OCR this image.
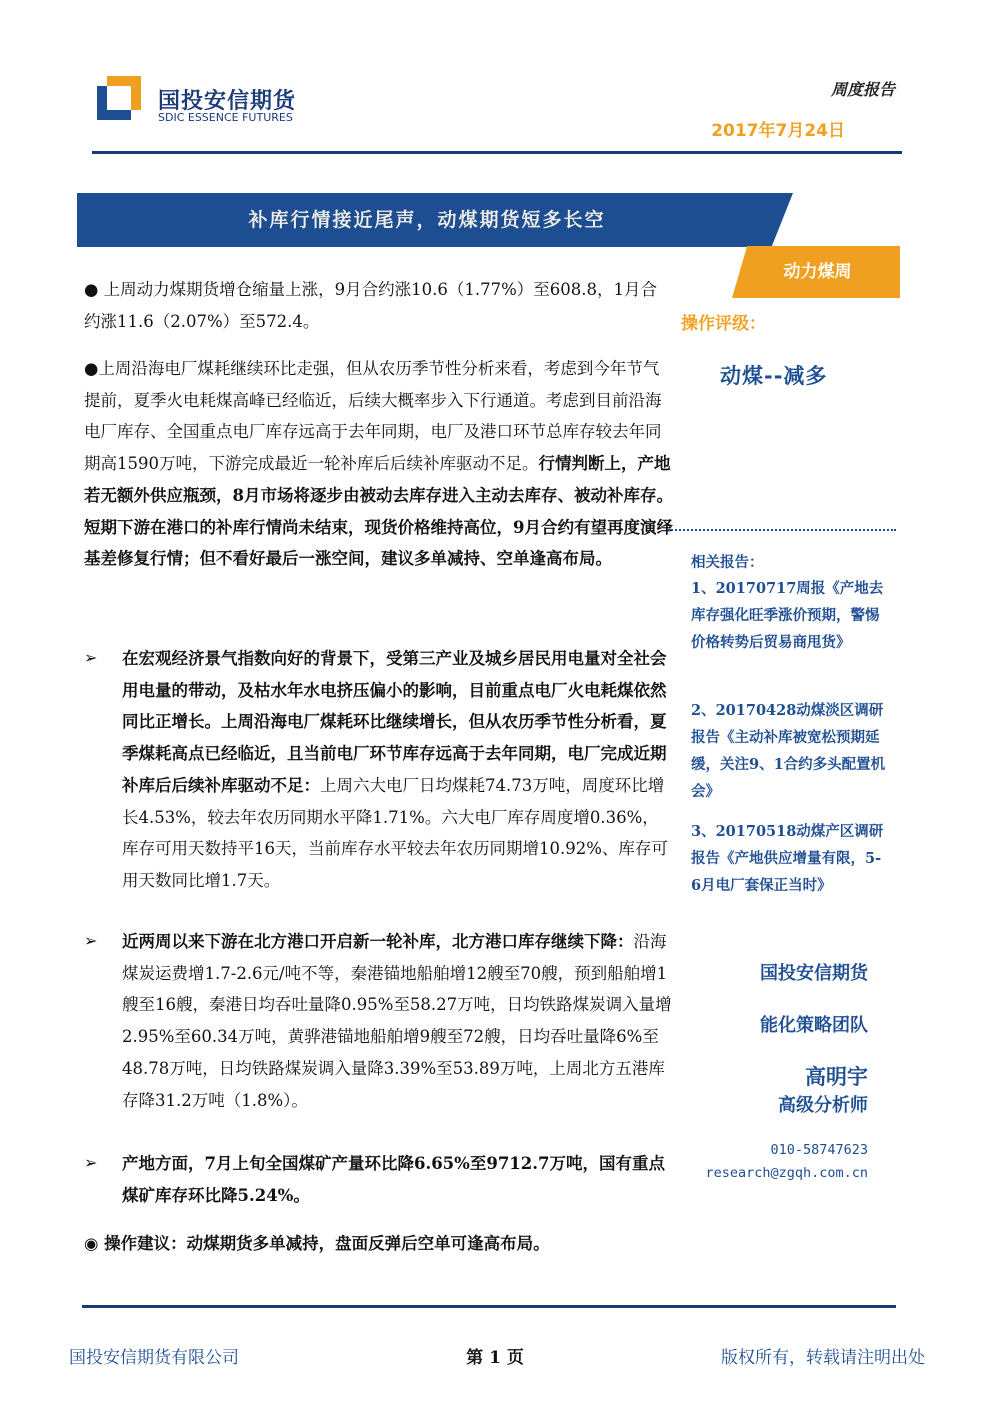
国投安信期货
SDIC ESSENCE FUTURES
周度报告
2017年7月24日
补库行情接近尾声，动煤期货短多长空
动力煤周
操作评级：
动煤--减多
● 上周动力煤期货增仓缩量上涨，9月合约涨10.6（1.77%）至608.8，1月合约涨11.6（2.07%）至572.4。
●上周沿海电厂煤耗继续环比走强，但从农历季节性分析来看，考虑到今年节气提前，夏季火电耗煤高峰已经临近，后续大概率步入下行通道。考虑到目前沿海电厂库存、全国重点电厂库存远高于去年同期，电厂及港口环节总库存较去年同期高1590万吨，下游完成最近一轮补库后后续补库驱动不足。行情判断上，产地若无额外供应瓶颈，8月市场将逐步由被动去库存进入主动去库存、被动补库存。短期下游在港口的补库行情尚未结束，现货价格维持高位，9月合约有望再度演绎基差修复行情；但不看好最后一涨空间，建议多单减持、空单逢高布局。
➢ 在宏观经济景气指数向好的背景下，受第三产业及城乡居民用电量对全社会用电量的带动，及枯水年水电挤压偏小的影响，目前重点电厂火电耗煤依然同比正增长。上周沿海电厂煤耗环比继续增长，但从农历季节性分析看，夏季煤耗高点已经临近，且当前电厂环节库存远高于去年同期，电厂完成近期补库后后续补库驱动不足：上周六大电厂日均煤耗74.73万吨，周度环比增长4.53%，较去年农历同期水平降1.71%。六大电厂库存周度增0.36%，库存可用天数持平16天，当前库存水平较去年农历同期增10.92%、库存可用天数同比增1.7天。
➢ 近两周以来下游在北方港口开启新一轮补库，北方港口库存继续下降：沿海煤炭运费增1.7-2.6元/吨不等，秦港锚地船舶增12艘至70艘，预到船舶增1艘至16艘，秦港日均吞吐量降0.95%至58.27万吨，日均铁路煤炭调入量增2.95%至60.34万吨，黄骅港锚地船舶增9艘至72艘，日均吞吐量降6%至48.78万吨，日均铁路煤炭调入量降3.39%至53.89万吨，上周北方五港库存降31.2万吨（1.8%）。
➢ 产地方面，7月上旬全国煤矿产量环比降6.65%至9712.7万吨，国有重点煤矿库存环比降5.24%。
◉ 操作建议：动煤期货多单减持，盘面反弹后空单可逢高布局。
相关报告：
1、20170717周报《产地去库存强化旺季涨价预期，警惕价格转势后贸易商甩货》
2、20170428动煤淡区调研报告《主动补库被宽松预期延缓，关注9、1合约多头配置机会》
3、20170518动煤产区调研报告《产地供应增量有限，5-6月电厂套保正当时》
国投安信期货
能化策略团队
高明宇
高级分析师
010-58747623
research@zgqh.com.cn
国投安信期货有限公司	第 1 页	版权所有，转载请注明出处
